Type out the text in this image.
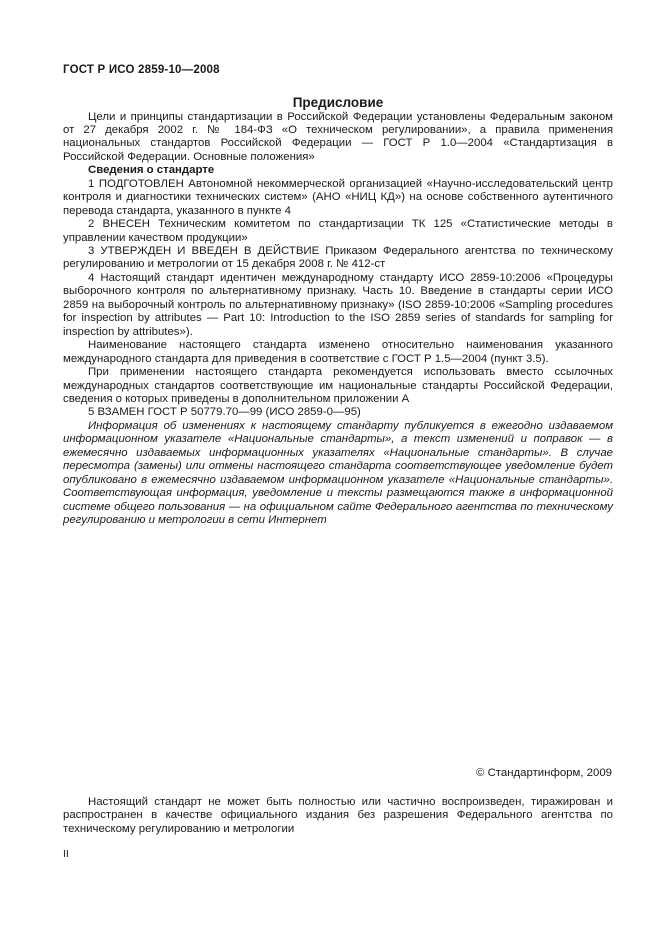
ГОСТ Р ИСО 2859-10—2008
Предисловие

Цели и принципы стандартизации в Российской Федерации установлены Федеральным законом от 27 декабря 2002 г. № 184-ФЗ «О техническом регулировании», а правила применения национальных стандартов Российской Федерации — ГОСТ Р 1.0—2004 «Стандартизация в Российской Федерации. Основные положения»

Сведения о стандарте

1 ПОДГОТОВЛЕН Автономной некоммерческой организацией «Научно-исследовательский центр контроля и диагностики технических систем» (АНО «НИЦ КД») на основе собственного аутентичного перевода стандарта, указанного в пункте 4

2 ВНЕСЕН Техническим комитетом по стандартизации ТК 125 «Статистические методы в управлении качеством продукции»

3 УТВЕРЖДЕН И ВВЕДЕН В ДЕЙСТВИЕ Приказом Федерального агентства по техническому регулированию и метрологии от 15 декабря 2008 г. № 412-ст

4 Настоящий стандарт идентичен международному стандарту ИСО 2859-10:2006 «Процедуры выборочного контроля по альтернативному признаку. Часть 10. Введение в стандарты серии ИСО 2859 на выборочный контроль по альтернативному признаку» (ISO 2859-10:2006 «Sampling procedures for inspection by attributes — Part 10: Introduction to the ISO 2859 series of standards for sampling for inspection by attributes»).

Наименование настоящего стандарта изменено относительно наименования указанного международного стандарта для приведения в соответствие с ГОСТ Р 1.5—2004 (пункт 3.5).

При применении настоящего стандарта рекомендуется использовать вместо ссылочных международных стандартов соответствующие им национальные стандарты Российской Федерации, сведения о которых приведены в дополнительном приложении А

5 ВЗАМЕН ГОСТ Р 50779.70—99 (ИСО 2859-0—95)

Информация об изменениях к настоящему стандарту публикуется в ежегодно издаваемом информационном указателе «Национальные стандарты», а текст изменений и поправок — в ежемесячно издаваемых информационных указателях «Национальные стандарты». В случае пересмотра (замены) или отмены настоящего стандарта соответствующее уведомление будет опубликовано в ежемесячно издаваемом информационном указателе «Национальные стандарты». Соответствующая информация, уведомление и тексты размещаются также в информационной системе общего пользования — на официальном сайте Федерального агентства по техническому регулированию и метрологии в сети Интернет

© Стандартинформ, 2009

Настоящий стандарт не может быть полностью или частично воспроизведен, тиражирован и распространен в качестве официального издания без разрешения Федерального агентства по техническому регулированию и метрологии

II
